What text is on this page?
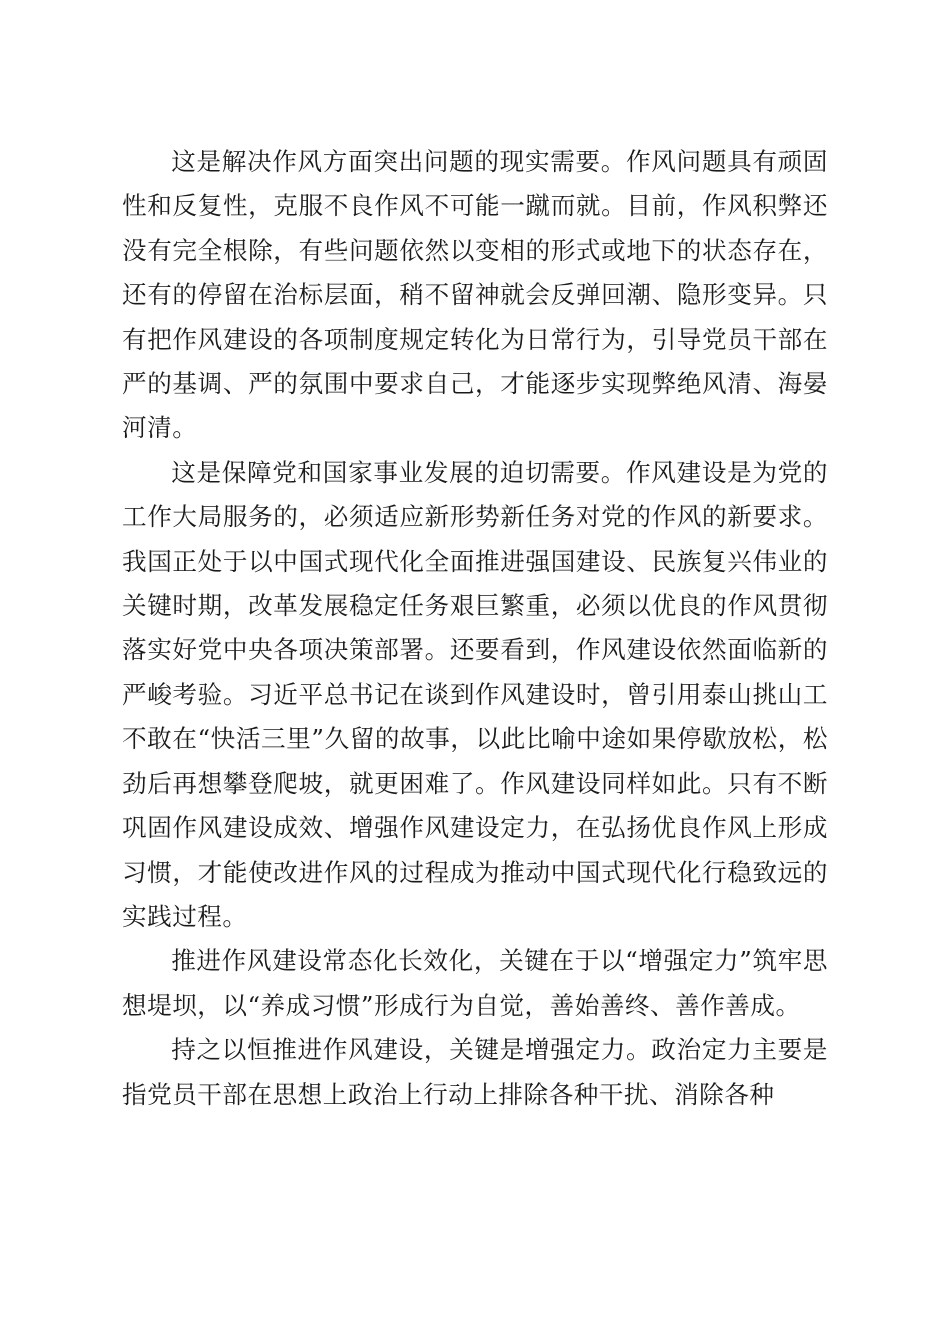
这是解决作风方面突出问题的现实需要。作风问题具有顽固性和反复性，克服不良作风不可能一蹴而就。目前，作风积弊还没有完全根除，有些问题依然以变相的形式或地下的状态存在，还有的停留在治标层面，稍不留神就会反弹回潮、隐形变异。只有把作风建设的各项制度规定转化为日常行为，引导党员干部在严的基调、严的氛围中要求自己，才能逐步实现弊绝风清、海晏河清。

这是保障党和国家事业发展的迫切需要。作风建设是为党的工作大局服务的，必须适应新形势新任务对党的作风的新要求。我国正处于以中国式现代化全面推进强国建设、民族复兴伟业的关键时期，改革发展稳定任务艰巨繁重，必须以优良的作风贯彻落实好党中央各项决策部署。还要看到，作风建设依然面临新的严峻考验。习近平总书记在谈到作风建设时，曾引用泰山挑山工不敢在“快活三里”久留的故事，以此比喻中途如果停歇放松，松劲后再想攀登爬坡，就更困难了。作风建设同样如此。只有不断巩固作风建设成效、增强作风建设定力，在弘扬优良作风上形成习惯，才能使改进作风的过程成为推动中国式现代化行稳致远的实践过程。

推进作风建设常态化长效化，关键在于以“增强定力”筑牢思想堤坝，以“养成习惯”形成行为自觉，善始善终、善作善成。

持之以恒推进作风建设，关键是增强定力。政治定力主要是指党员干部在思想上政治上行动上排除各种干扰、消除各种
